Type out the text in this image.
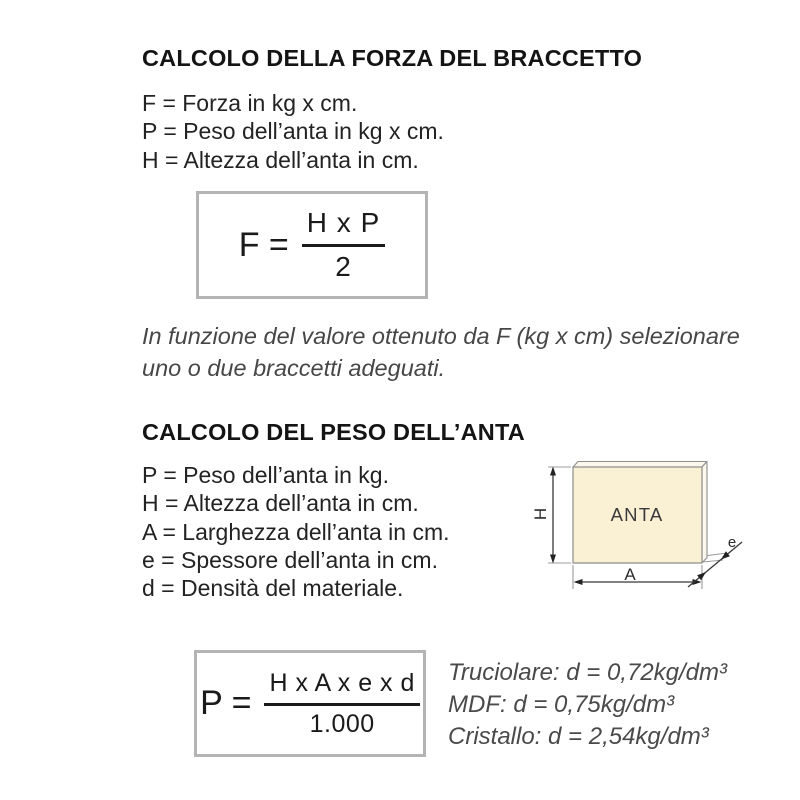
CALCOLO DELLA FORZA DEL BRACCETTO
F = Forza in kg x cm.
P = Peso dell’anta in kg x cm.
H = Altezza dell’anta in cm.
$F = \frac{\text{H x P}}{2}$
In funzione del valore ottenuto da F (kg x cm) selezionare uno o due braccetti adeguati.
CALCOLO DEL PESO DELL’ANTA
P = Peso dell’anta in kg.
H = Altezza dell’anta in cm.
A = Larghezza dell’anta in cm.
e = Spessore dell’anta in cm.
d = Densità del materiale.
ANTA
H
A
e
$P = \frac{\text{H x A x e x d}}{1.000}$ Truciolare: d = 0,72kg/dm³
MDF: d = 0,75kg/dm³
Cristallo: d = 2,54kg/dm³
